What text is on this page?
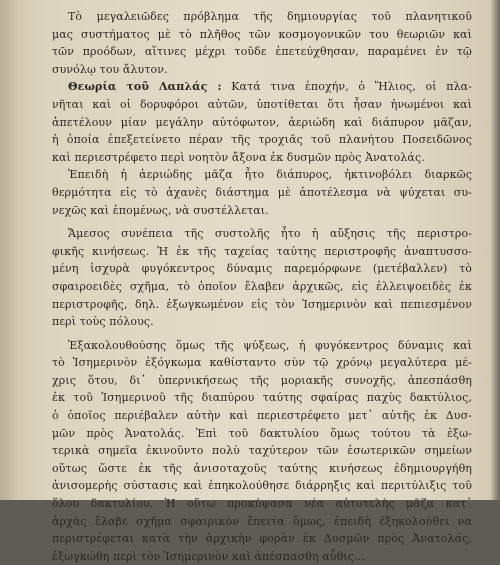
Τὸ μεγαλειῶδες πρόβλημα τῆς δημιουργίας τοῦ πλανητικοῦ
μας συστήματος μὲ τὸ πλῆθος τῶν κοσμογονικῶν του θεωριῶν καὶ
τῶν προόδων, αἵτινες μέχρι τοῦδε ἐπετεύχθησαν, παραμένει ἐν τῷ
συνόλῳ του ἄλυτον.
Θεωρία τοῦ Λαπλάς : Κατά τινα ἐποχήν, ὁ Ἥλιος, οἱ πλα-
νῆται καὶ οἱ δορυφόροι αὐτῶν, ὑποτίθεται ὅτι ἦσαν ἡνωμένοι καὶ
ἀπετέλουν μίαν μεγάλην αὐτόφωτον, ἀεριώδη καὶ διάπυρον μᾶζαν,
ἡ ὁποία ἐπεξετείνετο πέραν τῆς τροχιᾶς τοῦ πλανήτου Ποσειδῶνος
καὶ περιεστρέφετο περὶ νοητὸν ἄξονα ἐκ δυσμῶν πρὸς Ἀνατολάς.
Ἐπειδὴ ἡ ἀεριώδης μᾶζα ἦτο διάπυρος, ἠκτινοβόλει διαρκῶς
θερμότητα εἰς τὸ ἀχανὲς διάστημα μὲ ἀποτέλεσμα νὰ ψύχεται συ-
νεχῶς καὶ ἑπομένως, νὰ συστέλλεται.
Ἄμεσος συνέπεια τῆς συστολῆς ἦτο ἡ αὔξησις τῆς περιστρο-
φικῆς κινήσεως. Ἡ ἐκ τῆς ταχείας ταύτης περιστροφῆς ἀναπτυσσο-
μένη ἰσχυρὰ φυγόκεντρος δύναμις παρεμόρφωνε (μετέβαλλεν) τὸ
σφαιροειδὲς σχῆμα, τὸ ὁποῖον ἔλαβεν ἀρχικῶς, εἰς ἐλλειψοειδὲς ἐκ
περιστροφῆς, δηλ. ἐξωγκωμένον εἰς τὸν Ἰσημερινὸν καὶ πεπιεσμένον
περὶ τοὺς πόλους.
Ἐξακολουθούσης ὅμως τῆς ψύξεως, ἡ φυγόκεντρος δύναμις καὶ
τὸ Ἰσημερινὸν ἐξόγκωμα καθίσταντο σὺν τῷ χρόνῳ μεγαλύτερα μέ-
χρις ὅτου, δι᾿ ὑπερνικήσεως τῆς μοριακῆς συνοχῆς, ἀπεσπάσθη
ἐκ τοῦ Ἰσημερινοῦ τῆς διαπύρου ταύτης σφαίρας παχὺς δακτύλιος,
ὁ ὁποῖος περιέβαλεν αὐτὴν καὶ περιεστρέφετο μετ᾿ αὐτῆς ἐκ Δυσ-
μῶν πρὸς Ἀνατολάς. Ἐπὶ τοῦ δακτυλίου ὅμως τούτου τὰ ἐξω-
τερικὰ σημεῖα ἐκινοῦντο πολὺ ταχύτερον τῶν ἐσωτερικῶν σημείων
οὕτως ὥστε ἐκ τῆς ἀνισοταχοῦς ταύτης κινήσεως ἐδημιουργήθη
ἀνισομερὴς σύστασις καὶ ἐπηκολούθησε διάρρηξις καὶ περιτύλιξις τοῦ
ὅλου δακτυλίου. Ἡ οὕτω προκύψασα νέα αὐτοτελὴς μᾶζα κατ᾿
ἀρχὰς ἔλαβε σχῆμα σφαιρικὸν ἔπειτα ὅμως, ἐπειδὴ ἐξηκολούθει να
περιστρέφεται κατὰ τὴν ἀρχικὴν φορὰν ἐκ Δυσμῶν πρὸς Ἀνατολάς,
ἐξωγκώθη περὶ τὸν Ἰσημερινὸν καὶ ἀπέσπασθη αὖθις...
